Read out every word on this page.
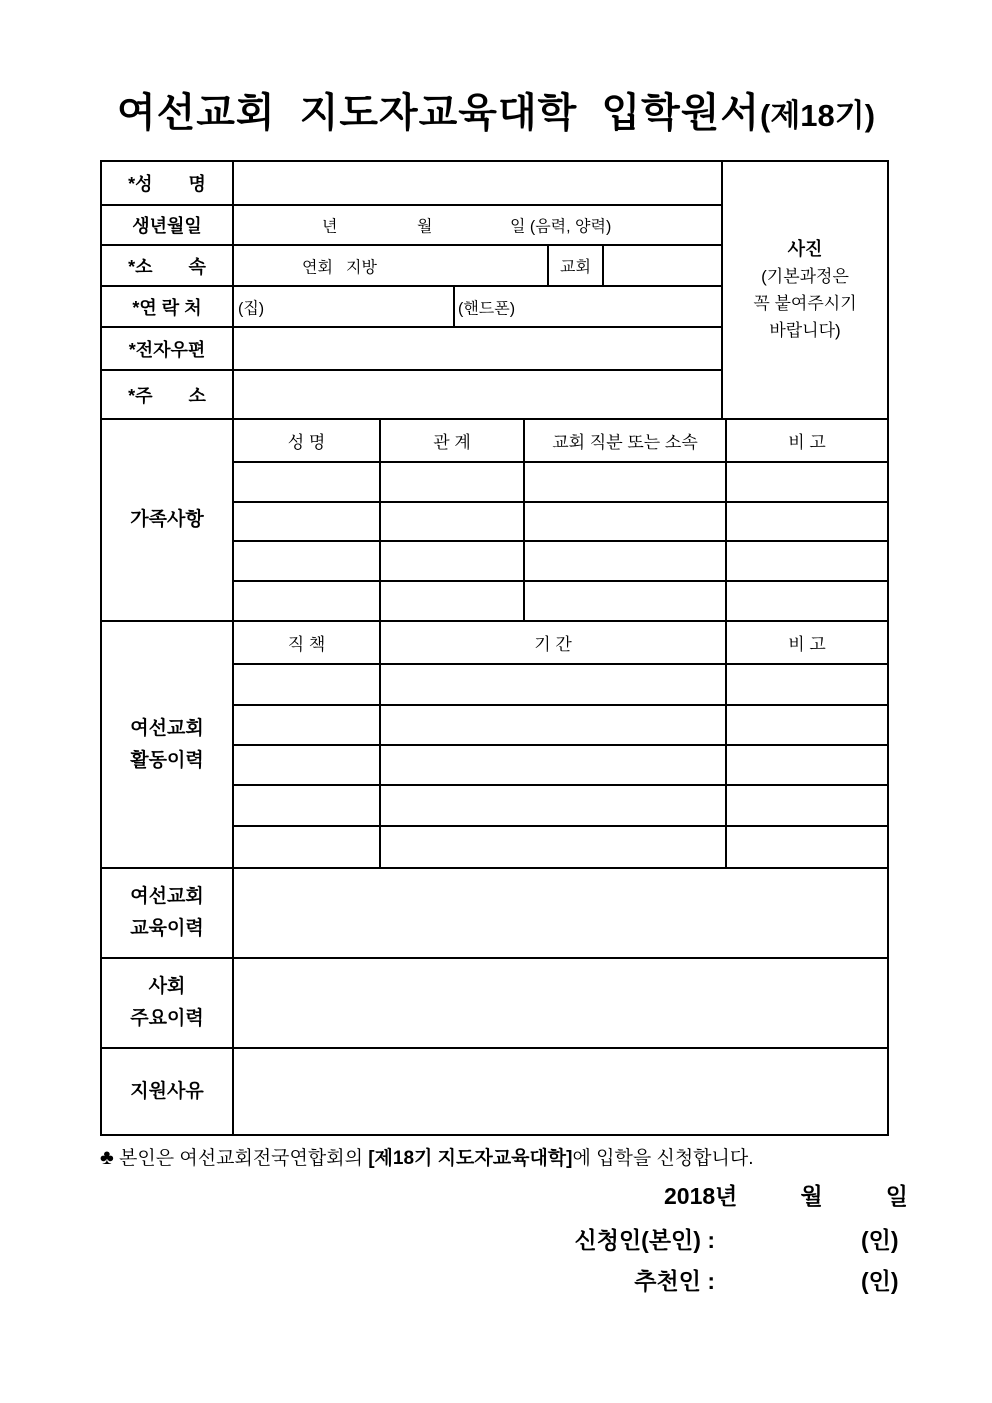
여선교회  지도자교육대학  입학원서(제18기)
*성　　명
생년월일	년	월	일 (음력, 양력)
*소　　속	연회 지방	교회
*연 락 처	(집)	(핸드폰)
*전자우편
*주　　소
사진
(기본과정은
꼭 붙여주시기
바랍니다)
가족사항
성 명	관 계	교회 직분 또는 소속	비 고
여선교회
활동이력
직 책	기 간	비 고
여선교회
교육이력
사회
주요이력
지원사유
♣ 본인은 여선교회전국연합회의 [제18기 지도자교육대학]에 입학을 신청합니다.
2018년	월	일
신청인(본인) :	(인)
추천인 :	(인)
